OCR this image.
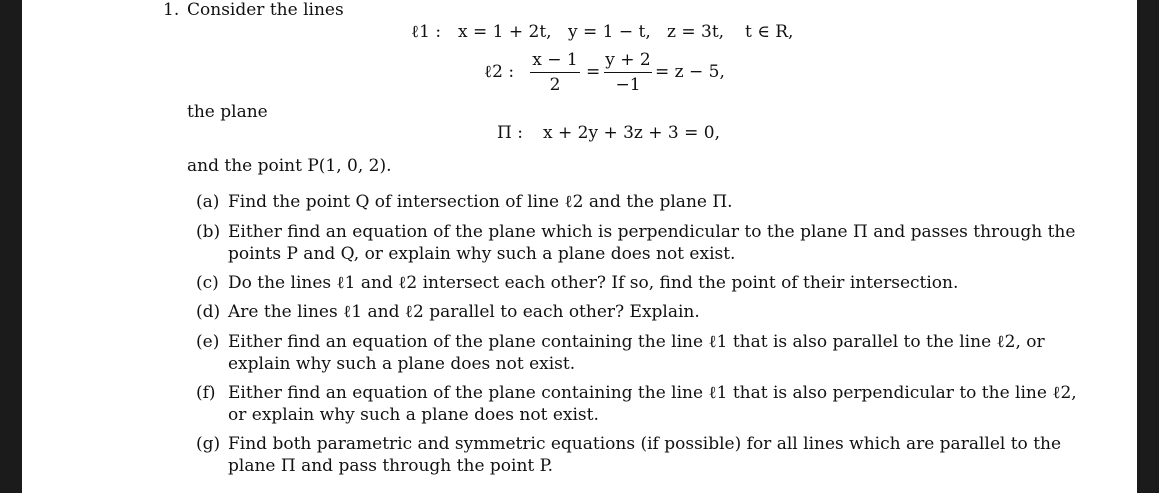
1. Consider the lines
ℓ1 : x = 1 + 2t, y = 1 − t, z = 3t, t ∈ R,
ℓ2 :
x − 1
2
=
y + 2
−1
= z − 5,
the plane
Π : x + 2y + 3z + 3 = 0,
and the point P(1, 0, 2).
(a) Find the point Q of intersection of line ℓ2 and the plane Π.
(b) Either find an equation of the plane which is perpendicular to the plane Π and passes through the
points P and Q, or explain why such a plane does not exist.
(c) Do the lines ℓ1 and ℓ2 intersect each other? If so, find the point of their intersection.
(d) Are the lines ℓ1 and ℓ2 parallel to each other? Explain.
(e) Either find an equation of the plane containing the line ℓ1 that is also parallel to the line ℓ2, or
explain why such a plane does not exist.
(f) Either find an equation of the plane containing the line ℓ1 that is also perpendicular to the line ℓ2,
or explain why such a plane does not exist.
(g) Find both parametric and symmetric equations (if possible) for all lines which are parallel to the
plane Π and pass through the point P.
